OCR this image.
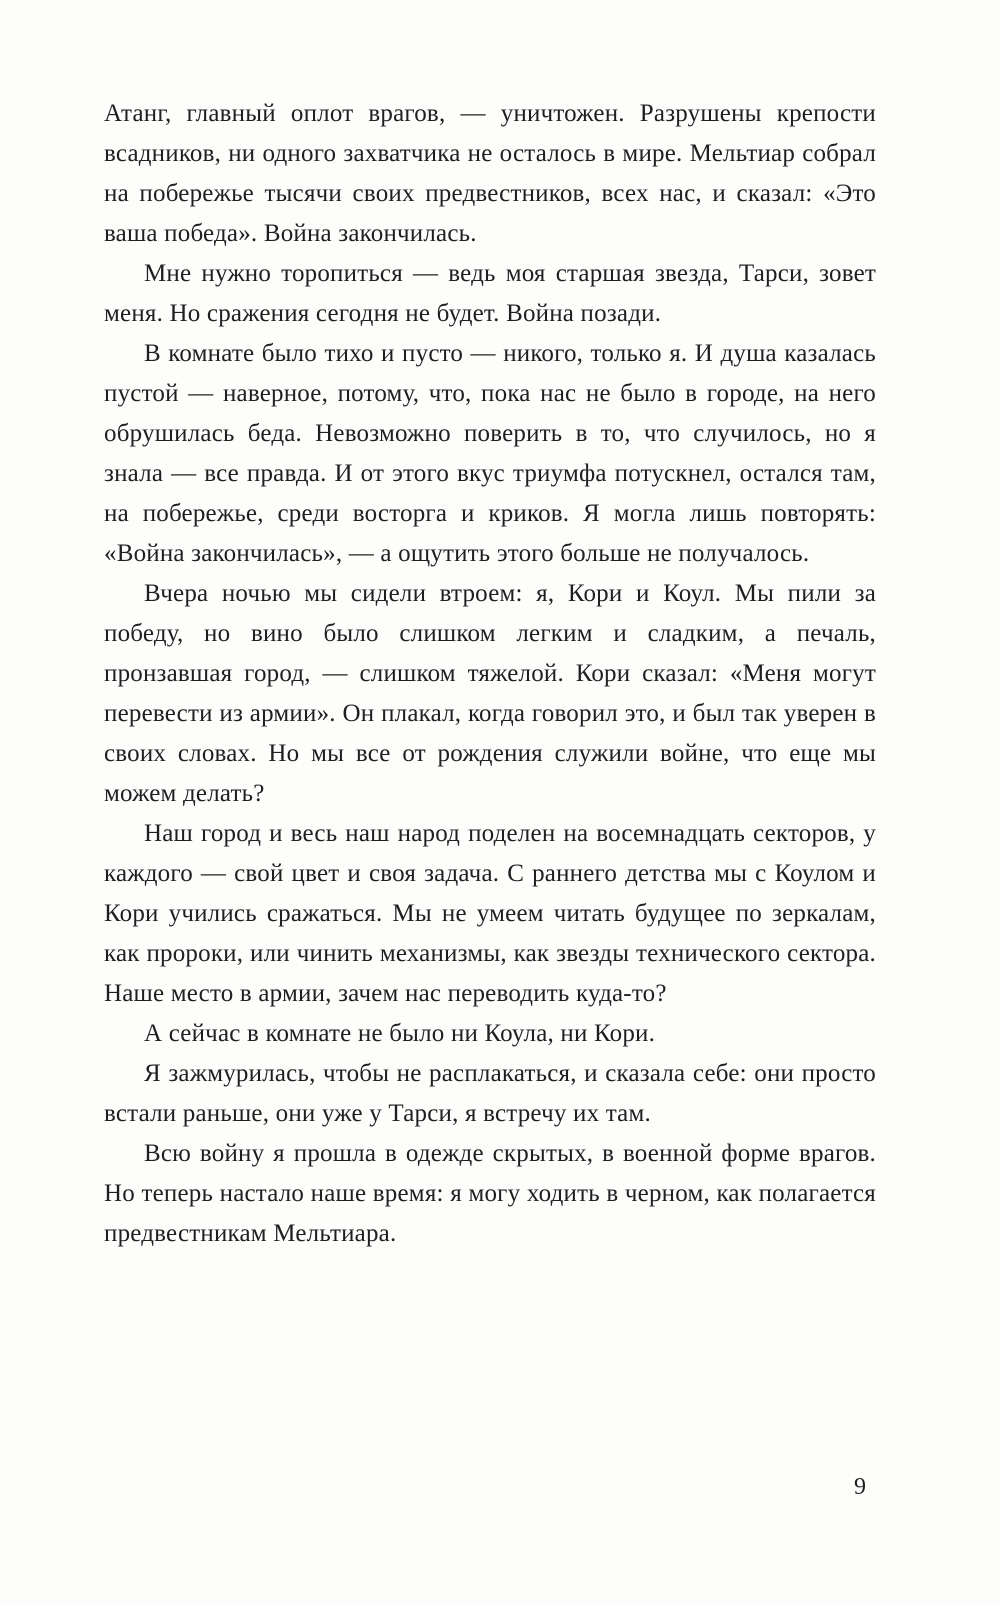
Атанг, главный оплот врагов, — уничтожен. Разрушены крепости всадников, ни одного захватчика не осталось в мире. Мельтиар собрал на побережье тысячи своих предвестников, всех нас, и сказал: «Это ваша победа». Война закончилась.

Мне нужно торопиться — ведь моя старшая звезда, Тарси, зовет меня. Но сражения сегодня не будет. Война позади.

В комнате было тихо и пусто — никого, только я. И душа казалась пустой — наверное, потому, что, пока нас не было в городе, на него обрушилась беда. Невозможно поверить в то, что случилось, но я знала — все правда. И от этого вкус триумфа потускнел, остался там, на побережье, среди восторга и криков. Я могла лишь повторять: «Война закончилась», — а ощутить этого больше не получалось.

Вчера ночью мы сидели втроем: я, Кори и Коул. Мы пили за победу, но вино было слишком легким и сладким, а печаль, пронзавшая город, — слишком тяжелой. Кори сказал: «Меня могут перевести из армии». Он плакал, когда говорил это, и был так уверен в своих словах. Но мы все от рождения служили войне, что еще мы можем делать?

Наш город и весь наш народ поделен на восемнадцать секторов, у каждого — свой цвет и своя задача. С раннего детства мы с Коулом и Кори учились сражаться. Мы не умеем читать будущее по зеркалам, как пророки, или чинить механизмы, как звезды технического сектора. Наше место в армии, зачем нас переводить куда-то?

А сейчас в комнате не было ни Коула, ни Кори.

Я зажмурилась, чтобы не расплакаться, и сказала себе: они просто встали раньше, они уже у Тарси, я встречу их там.

Всю войну я прошла в одежде скрытых, в военной форме врагов. Но теперь настало наше время: я могу ходить в черном, как полагается предвестникам Мельтиара.

9
